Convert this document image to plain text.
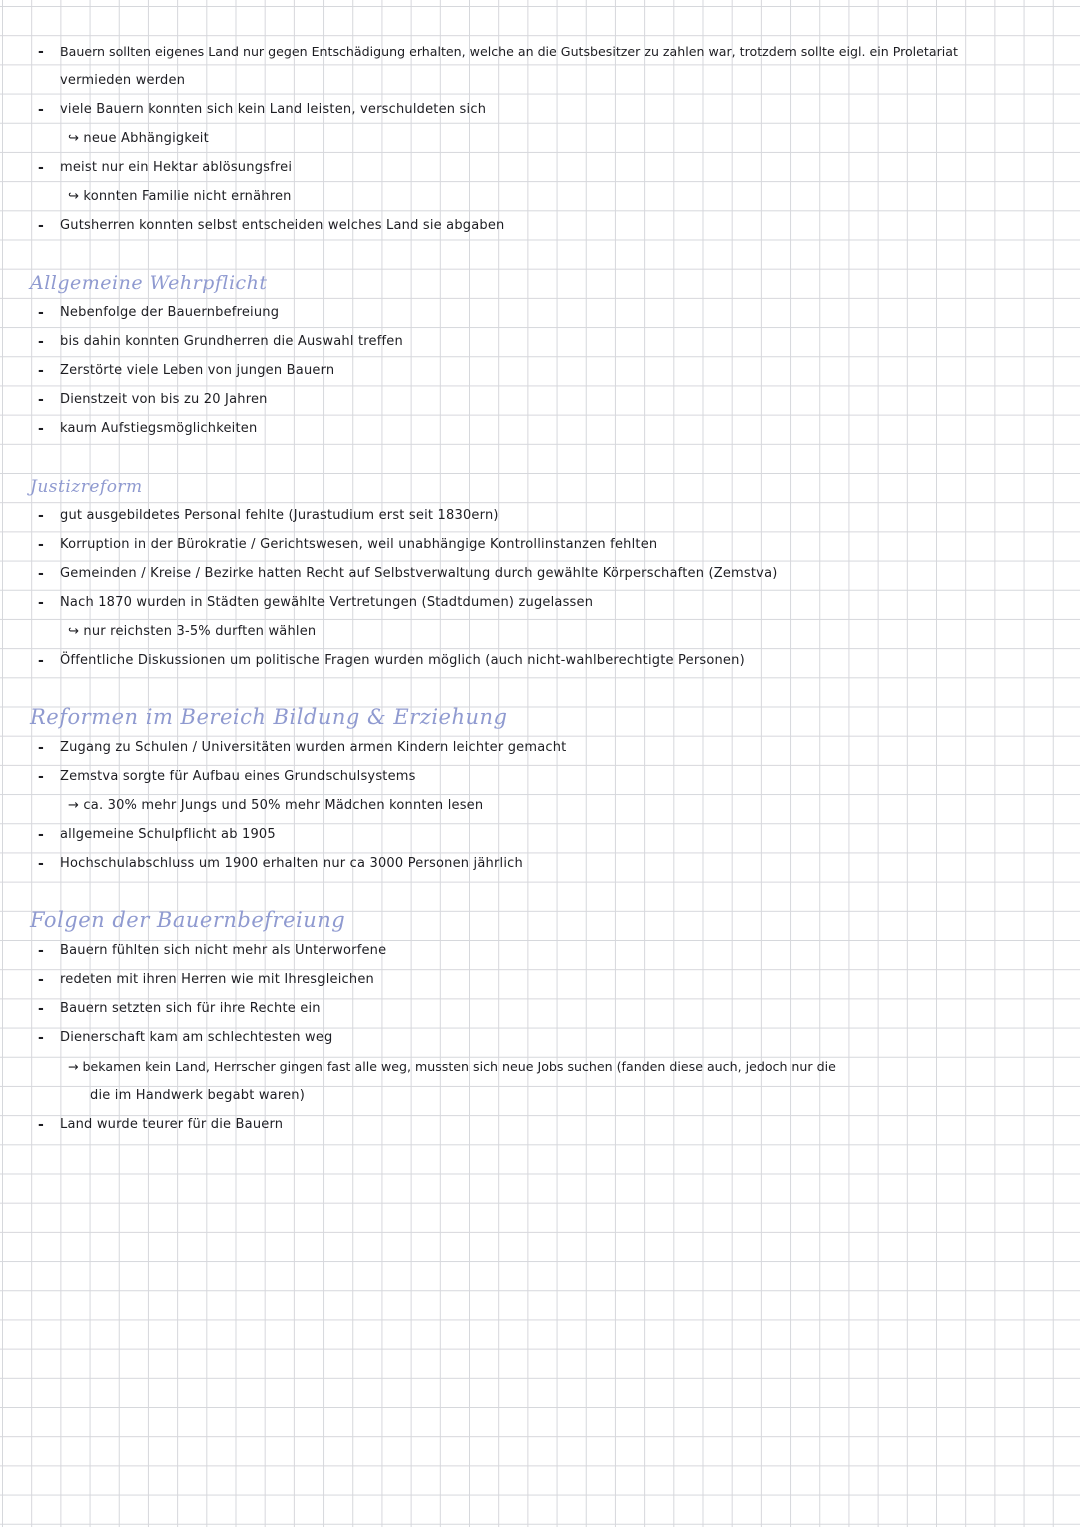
- Bauern sollten eigenes Land nur gegen Entschädigung erhalten, welche an die Gutsbesitzer zu zahlen war, trotzdem sollte eigl. ein Proletariat
vermieden werden
- viele Bauern konnten sich kein Land leisten, verschuldeten sich
↪ neue Abhängigkeit
- meist nur ein Hektar ablösungsfrei
↪ konnten Familie nicht ernähren
- Gutsherren konnten selbst entscheiden welches Land sie abgaben
Allgemeine Wehrpflicht
- Nebenfolge der Bauernbefreiung
- bis dahin konnten Grundherren die Auswahl treffen
- Zerstörte viele Leben von jungen Bauern
- Dienstzeit von bis zu 20 Jahren
- kaum Aufstiegsmöglichkeiten
Justizreform
- gut ausgebildetes Personal fehlte (Jurastudium erst seit 1830ern)
- Korruption in der Bürokratie / Gerichtswesen, weil unabhängige Kontrollinstanzen fehlten
- Gemeinden / Kreise / Bezirke hatten Recht auf Selbstverwaltung durch gewählte Körperschaften (Zemstva)
- Nach 1870 wurden in Städten gewählte Vertretungen (Stadtdumen) zugelassen
↪ nur reichsten 3-5% durften wählen
- Öffentliche Diskussionen um politische Fragen wurden möglich (auch nicht-wahlberechtigte Personen)
Reformen im Bereich Bildung & Erziehung
- Zugang zu Schulen / Universitäten wurden armen Kindern leichter gemacht
- Zemstva sorgte für Aufbau eines Grundschulsystems
→ ca. 30% mehr Jungs und 50% mehr Mädchen konnten lesen
- allgemeine Schulpflicht ab 1905
- Hochschulabschluss um 1900 erhalten nur ca 3000 Personen jährlich
Folgen der Bauernbefreiung
- Bauern fühlten sich nicht mehr als Unterworfene
- redeten mit ihren Herren wie mit Ihresgleichen
- Bauern setzten sich für ihre Rechte ein
- Dienerschaft kam am schlechtesten weg
→ bekamen kein Land, Herrscher gingen fast alle weg, mussten sich neue Jobs suchen (fanden diese auch, jedoch nur die
die im Handwerk begabt waren)
- Land wurde teurer für die Bauern
